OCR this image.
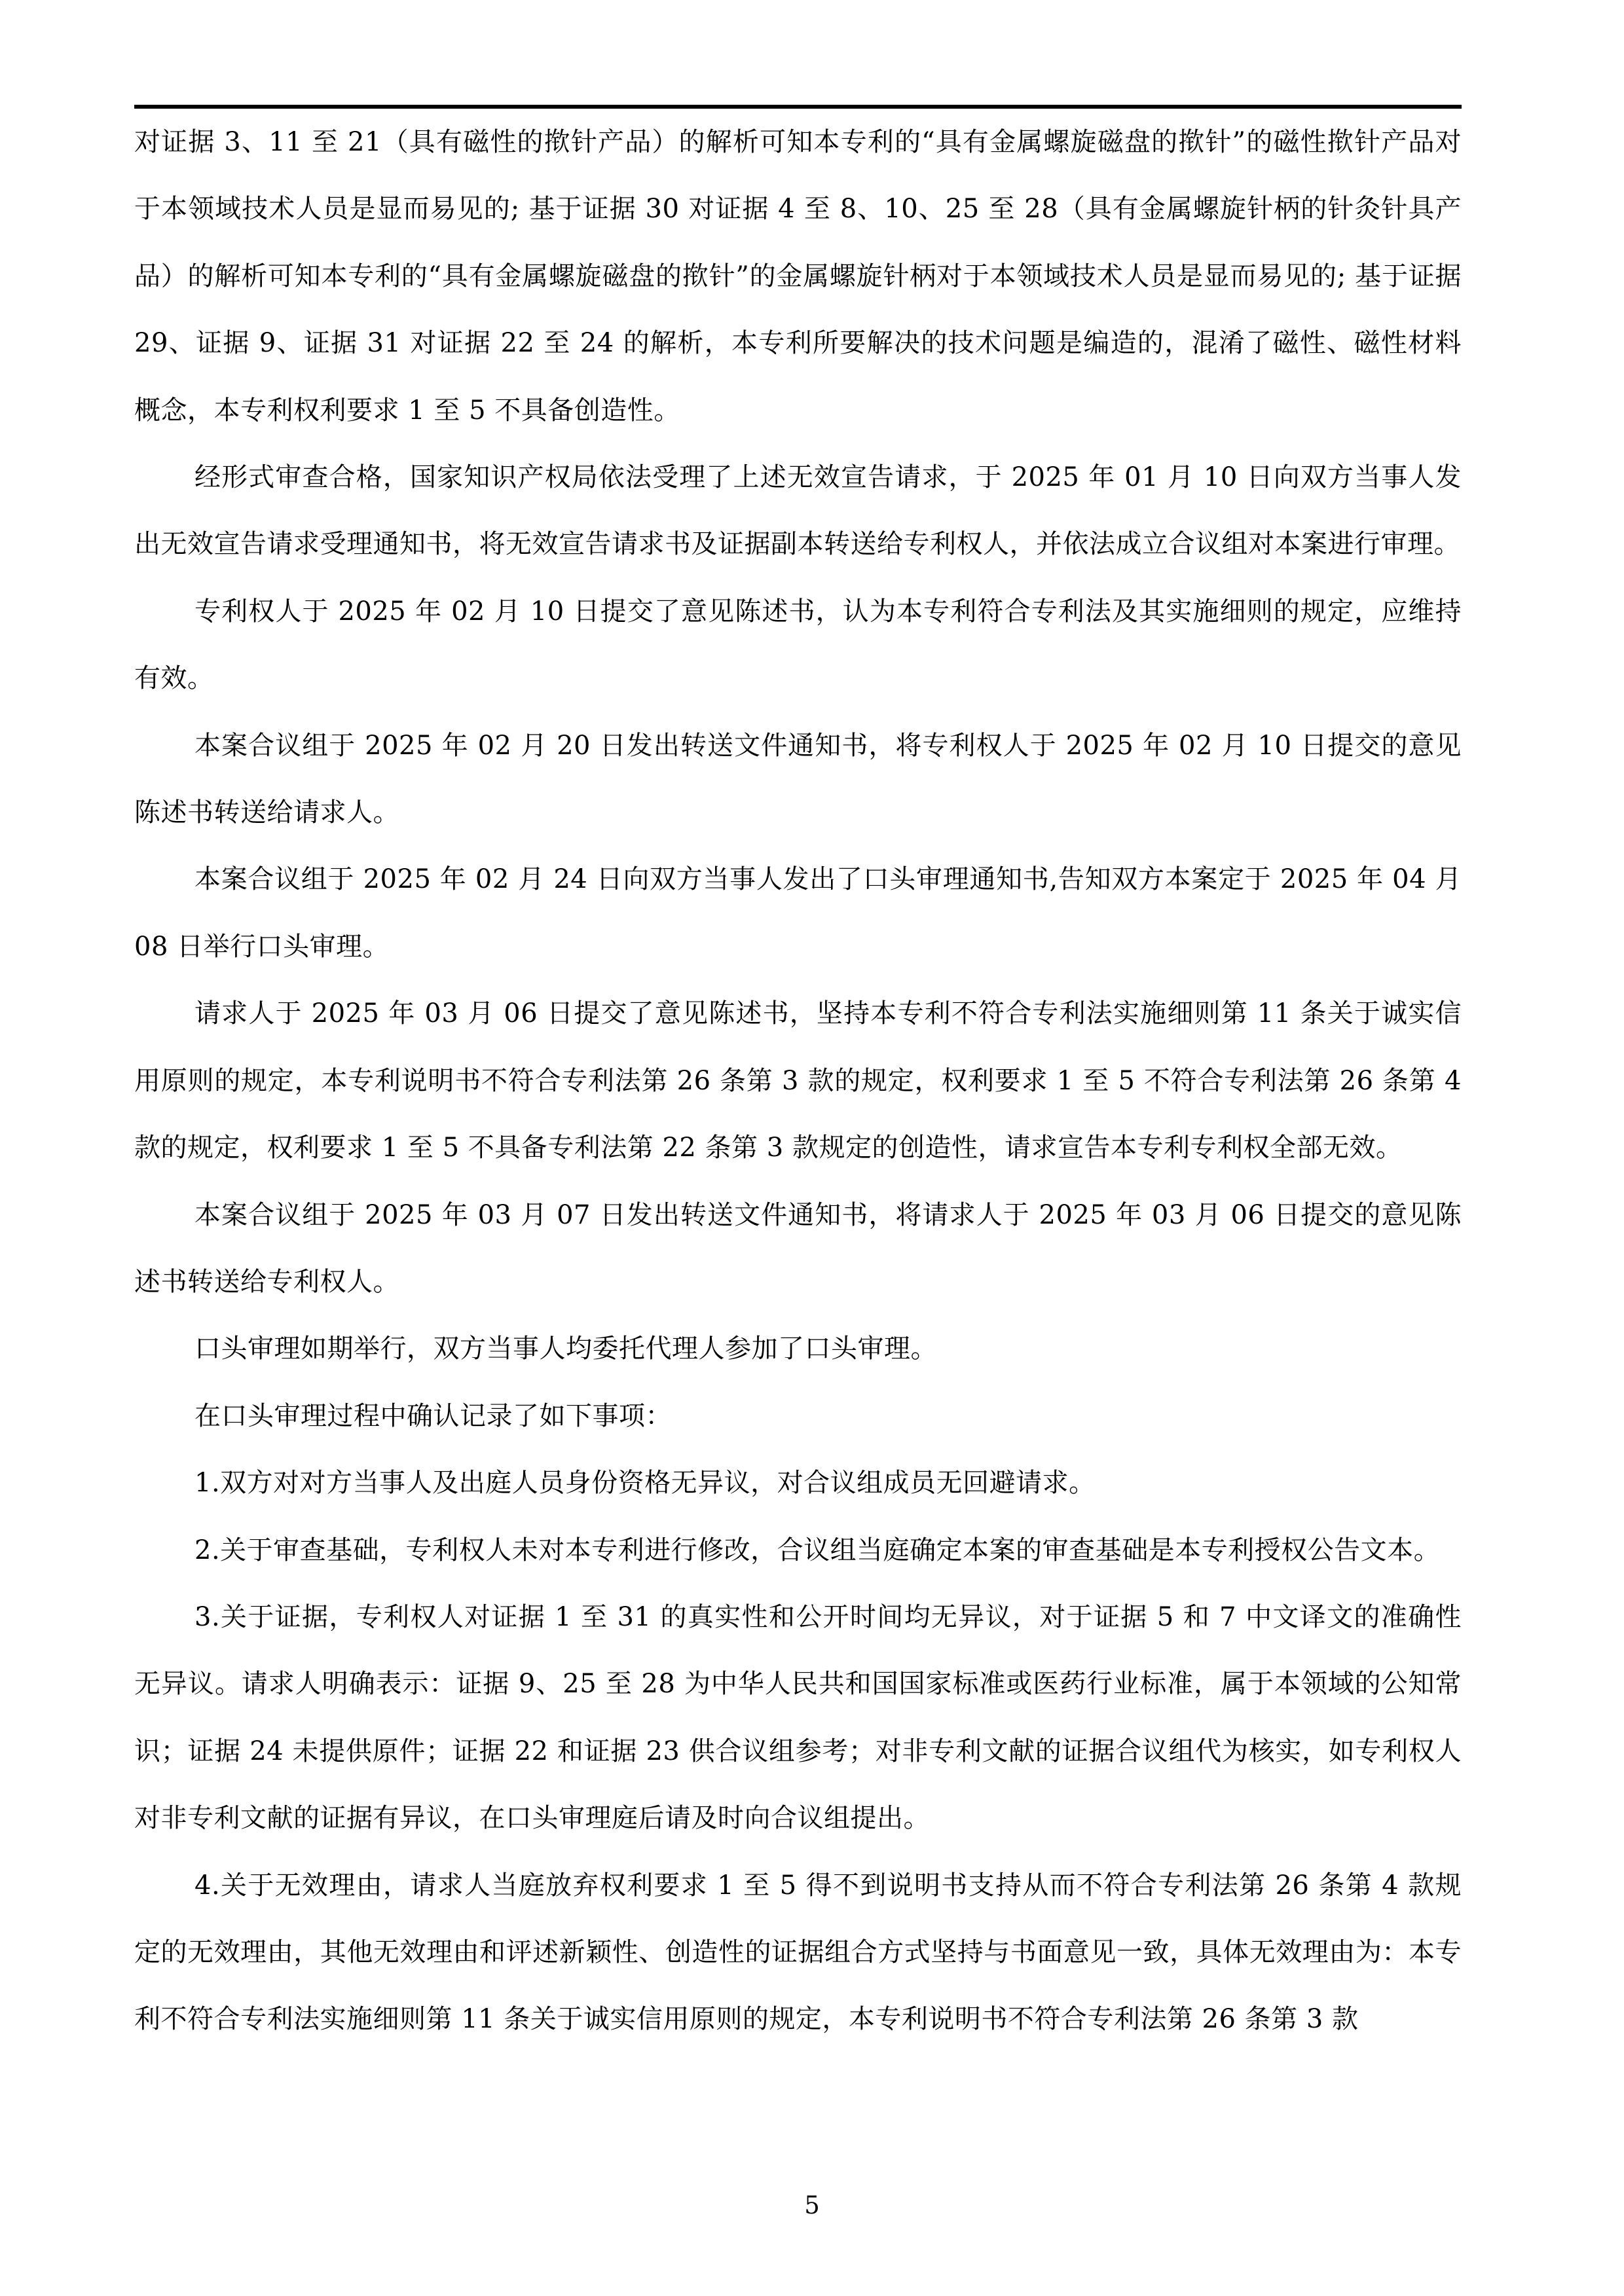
对证据 3、11 至 21（具有磁性的揿针产品）的解析可知本专利的“具有金属螺旋磁盘的揿针”的磁性揿针产品对于本领域技术人员是显而易见的; 基于证据 30 对证据 4 至 8、10、25 至 28（具有金属螺旋针柄的针灸针具产品）的解析可知本专利的“具有金属螺旋磁盘的揿针”的金属螺旋针柄对于本领域技术人员是显而易见的; 基于证据 29、证据 9、证据 31 对证据 22 至 24 的解析，本专利所要解决的技术问题是编造的，混淆了磁性、磁性材料概念，本专利权利要求 1 至 5 不具备创造性。

经形式审查合格，国家知识产权局依法受理了上述无效宣告请求，于 2025 年 01 月 10 日向双方当事人发出无效宣告请求受理通知书，将无效宣告请求书及证据副本转送给专利权人，并依法成立合议组对本案进行审理。

专利权人于 2025 年 02 月 10 日提交了意见陈述书，认为本专利符合专利法及其实施细则的规定，应维持有效。

本案合议组于 2025 年 02 月 20 日发出转送文件通知书，将专利权人于 2025 年 02 月 10 日提交的意见陈述书转送给请求人。

本案合议组于 2025 年 02 月 24 日向双方当事人发出了口头审理通知书,告知双方本案定于 2025 年 04 月 08 日举行口头审理。

请求人于 2025 年 03 月 06 日提交了意见陈述书，坚持本专利不符合专利法实施细则第 11 条关于诚实信用原则的规定，本专利说明书不符合专利法第 26 条第 3 款的规定，权利要求 1 至 5 不符合专利法第 26 条第 4 款的规定，权利要求 1 至 5 不具备专利法第 22 条第 3 款规定的创造性，请求宣告本专利专利权全部无效。

本案合议组于 2025 年 03 月 07 日发出转送文件通知书，将请求人于 2025 年 03 月 06 日提交的意见陈述书转送给专利权人。

口头审理如期举行，双方当事人均委托代理人参加了口头审理。

在口头审理过程中确认记录了如下事项：

1.双方对对方当事人及出庭人员身份资格无异议，对合议组成员无回避请求。

2.关于审查基础，专利权人未对本专利进行修改，合议组当庭确定本案的审查基础是本专利授权公告文本。

3.关于证据，专利权人对证据 1 至 31 的真实性和公开时间均无异议，对于证据 5 和 7 中文译文的准确性无异议。请求人明确表示：证据 9、25 至 28 为中华人民共和国国家标准或医药行业标准，属于本领域的公知常识；证据 24 未提供原件；证据 22 和证据 23 供合议组参考；对非专利文献的证据合议组代为核实，如专利权人对非专利文献的证据有异议，在口头审理庭后请及时向合议组提出。

4.关于无效理由，请求人当庭放弃权利要求 1 至 5 得不到说明书支持从而不符合专利法第 26 条第 4 款规定的无效理由，其他无效理由和评述新颖性、创造性的证据组合方式坚持与书面意见一致，具体无效理由为：本专利不符合专利法实施细则第 11 条关于诚实信用原则的规定，本专利说明书不符合专利法第 26 条第 3 款

5
